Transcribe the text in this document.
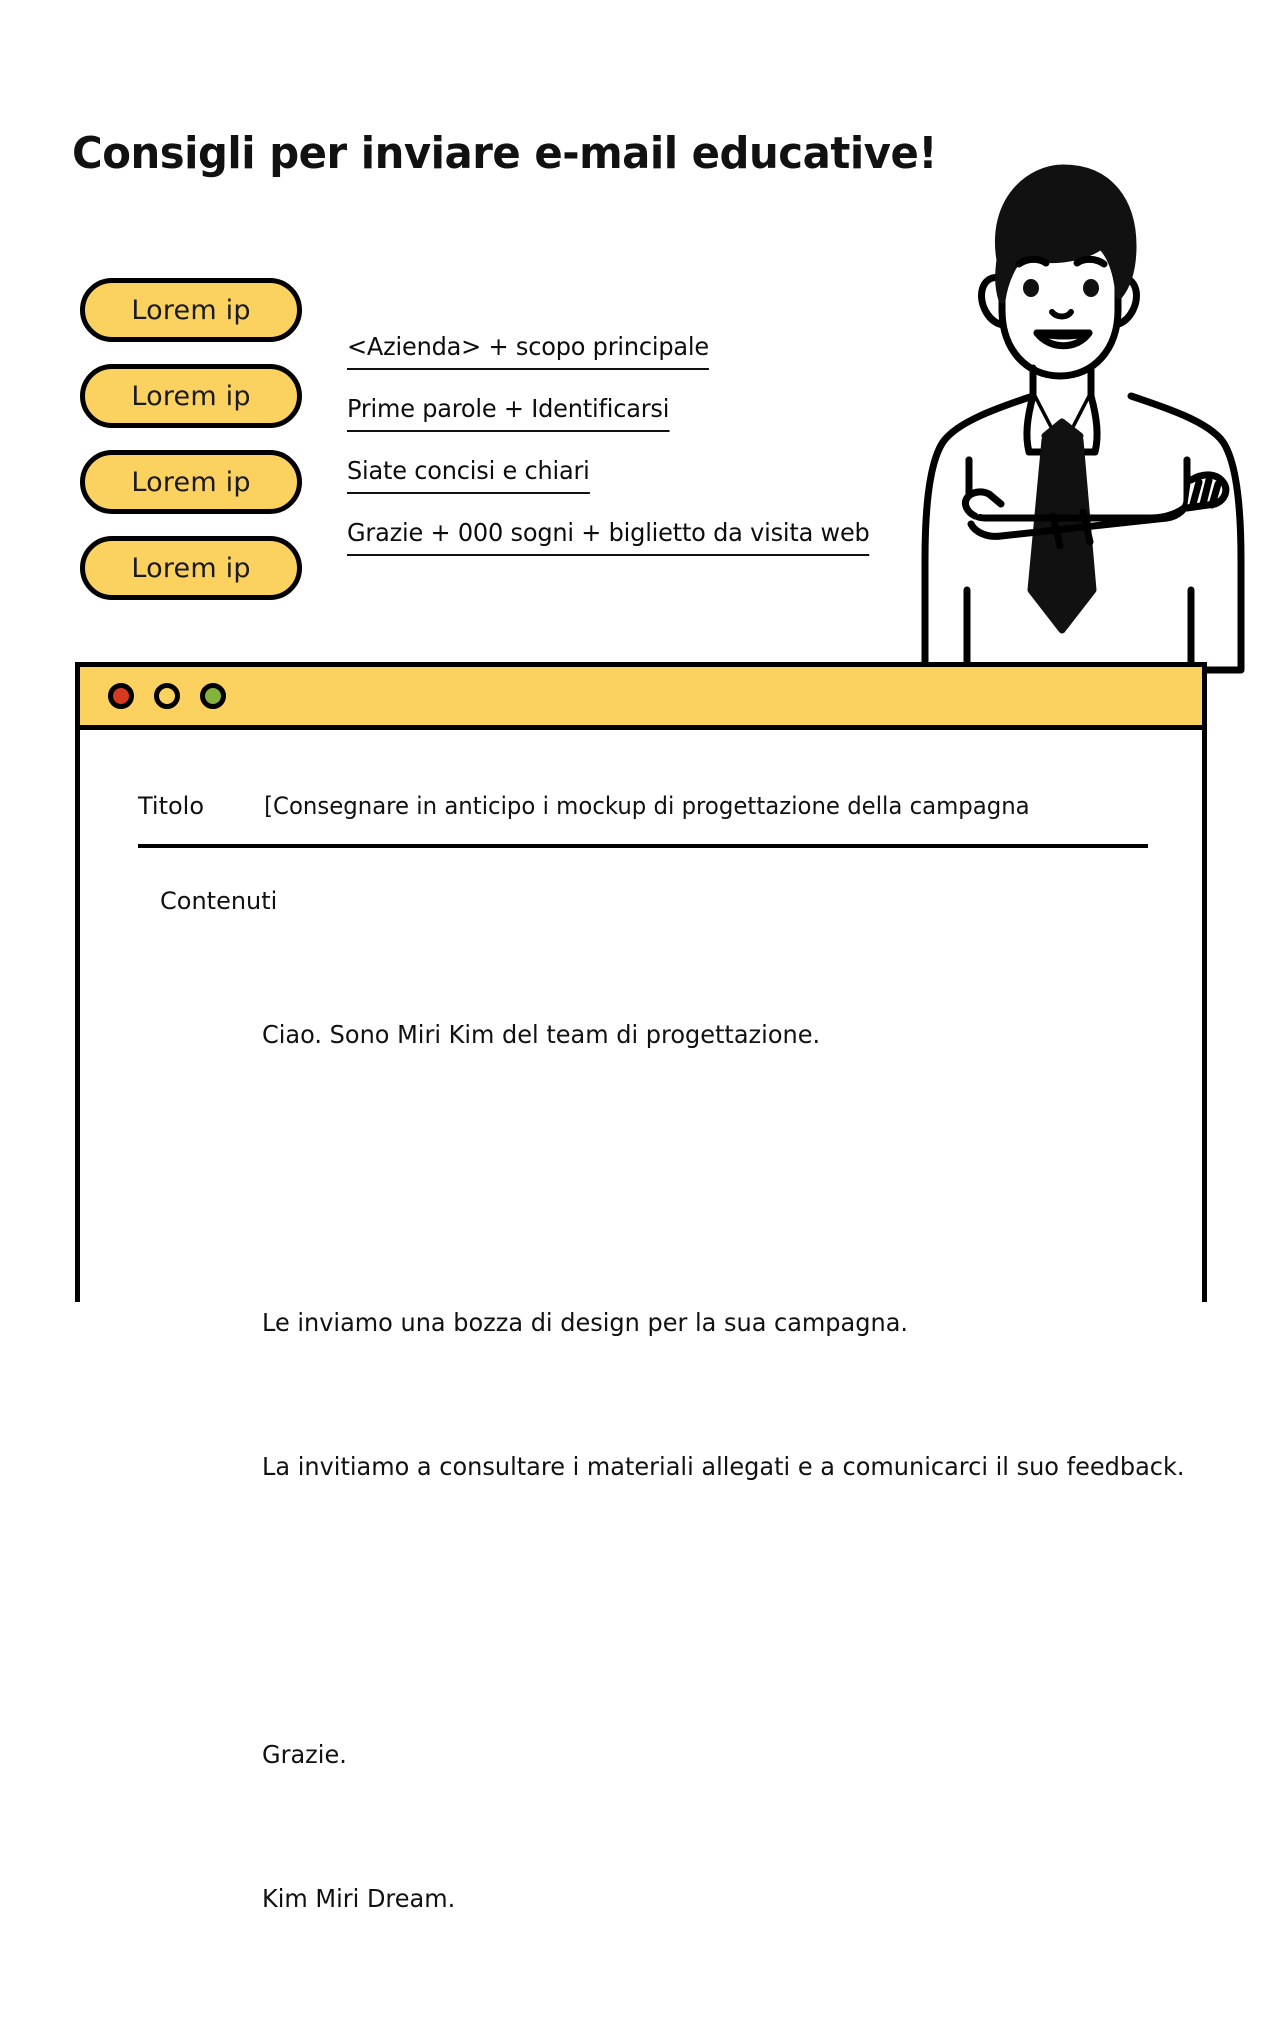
Consigli per inviare e-mail educative!
Lorem ip
Lorem ip
Lorem ip
Lorem ip
<Azienda> + scopo principale
Prime parole + Identificarsi
Siate concisi e chiari
Grazie + 000 sogni + biglietto da visita web
Titolo	[Consegnare in anticipo i mockup di progettazione della campagna
Contenuti

Ciao. Sono Miri Kim del team di progettazione.

Le inviamo una bozza di design per la sua campagna.

La invitiamo a consultare i materiali allegati e a comunicarci il suo feedback.

Grazie.

Kim Miri Dream.
